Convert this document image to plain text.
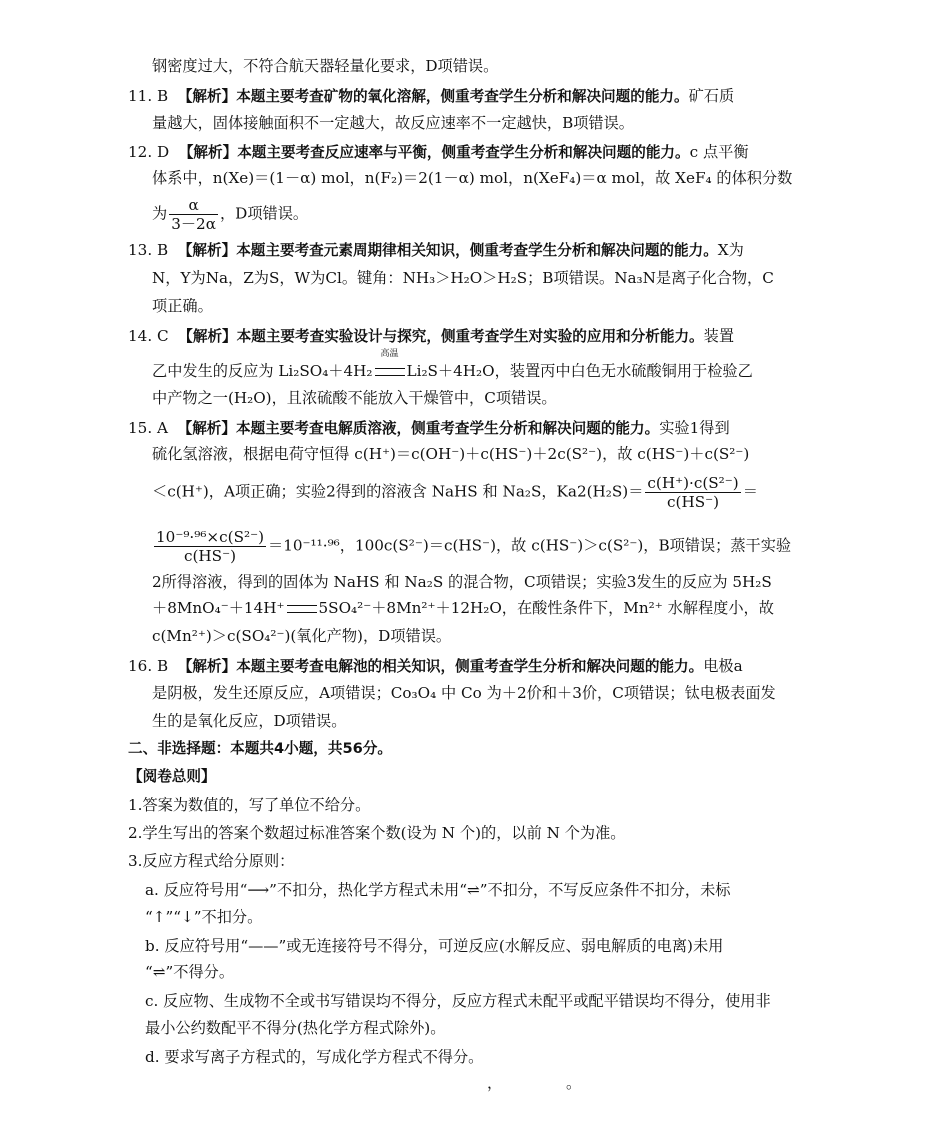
钢密度过大，不符合航天器轻量化要求，D项错误。
11. B 【解析】本题主要考查矿物的氧化溶解，侧重考查学生分析和解决问题的能力。矿石质
量越大，固体接触面积不一定越大，故反应速率不一定越快，B项错误。
12. D 【解析】本题主要考查反应速率与平衡，侧重考查学生分析和解决问题的能力。c 点平衡
体系中，n(Xe)＝(1－α) mol，n(F₂)＝2(1－α) mol，n(XeF₄)＝α mol，故 XeF₄ 的体积分数
为 $\frac{\alpha}{3-2\alpha}$ ，D项错误。
13. B 【解析】本题主要考查元素周期律相关知识，侧重考查学生分析和解决问题的能力。X为
N，Y为Na，Z为S，W为Cl。键角：NH₃＞H₂O＞H₂S；B项错误。Na₃N是离子化合物，C
项正确。
14. C 【解析】本题主要考查实验设计与探究，侧重考查学生对实验的应用和分析能力。装置
乙中发生的反应为 Li₂SO₄＋4H₂
高温
Li₂S＋4H₂O，装置丙中白色无水硫酸铜用于检验乙
中产物之一(H₂O)，且浓硫酸不能放入干燥管中，C项错误。
15. A 【解析】本题主要考查电解质溶液，侧重考查学生分析和解决问题的能力。实验1得到
硫化氢溶液，根据电荷守恒得 c(H⁺)＝c(OH⁻)＋c(HS⁻)＋2c(S²⁻)，故 c(HS⁻)＋c(S²⁻)
＜c(H⁺)，A项正确；实验2得到的溶液含 NaHS 和 Na₂S，$Ka2(H_2S)= \frac{\text{c(H⁺)·c(S²⁻)}}{c(HS^-)}$ ＝
$\frac{\text{10⁻⁹·⁹⁶×c(S²⁻)}}{c(HS^-)} =10^{-11}\cdot^{96}$，100c(S²⁻)＝c(HS⁻)，故 c(HS⁻)＞c(S²⁻)，B项错误；蒸干实验
2所得溶液，得到的固体为 NaHS 和 Na₂S 的混合物，C项错误；实验3发生的反应为 5H₂S
＋8MnO₄⁻＋14H⁺ 5SO₄²⁻＋8Mn²⁺＋12H₂O，在酸性条件下，Mn²⁺ 水解程度小，故
c(Mn²⁺)＞c(SO₄²⁻)(氧化产物)，D项错误。
16. B 【解析】本题主要考查电解池的相关知识，侧重考查学生分析和解决问题的能力。电极a
是阴极，发生还原反应，A项错误；Co₃O₄ 中 Co 为＋2价和＋3价，C项错误；钛电极表面发
生的是氧化反应，D项错误。
二、非选择题：本题共4小题，共56分。
【阅卷总则】
1.答案为数值的，写了单位不给分。
2.学生写出的答案个数超过标准答案个数(设为 N 个)的，以前 N 个为准。
3.反应方程式给分原则：
a. 反应符号用“⟶”不扣分，热化学方程式未用“⇌”不扣分，不写反应条件不扣分，未标
“↑”“↓”不扣分。
b. 反应符号用“——”或无连接符号不得分，可逆反应(水解反应、弱电解质的电离)未用
“⇌”不得分。
c. 反应物、生成物不全或书写错误均不得分，反应方程式未配平或配平错误均不得分，使用非
最小公约数配平不得分(热化学方程式除外)。
d. 要求写离子方程式的，写成化学方程式不得分。
，	。
